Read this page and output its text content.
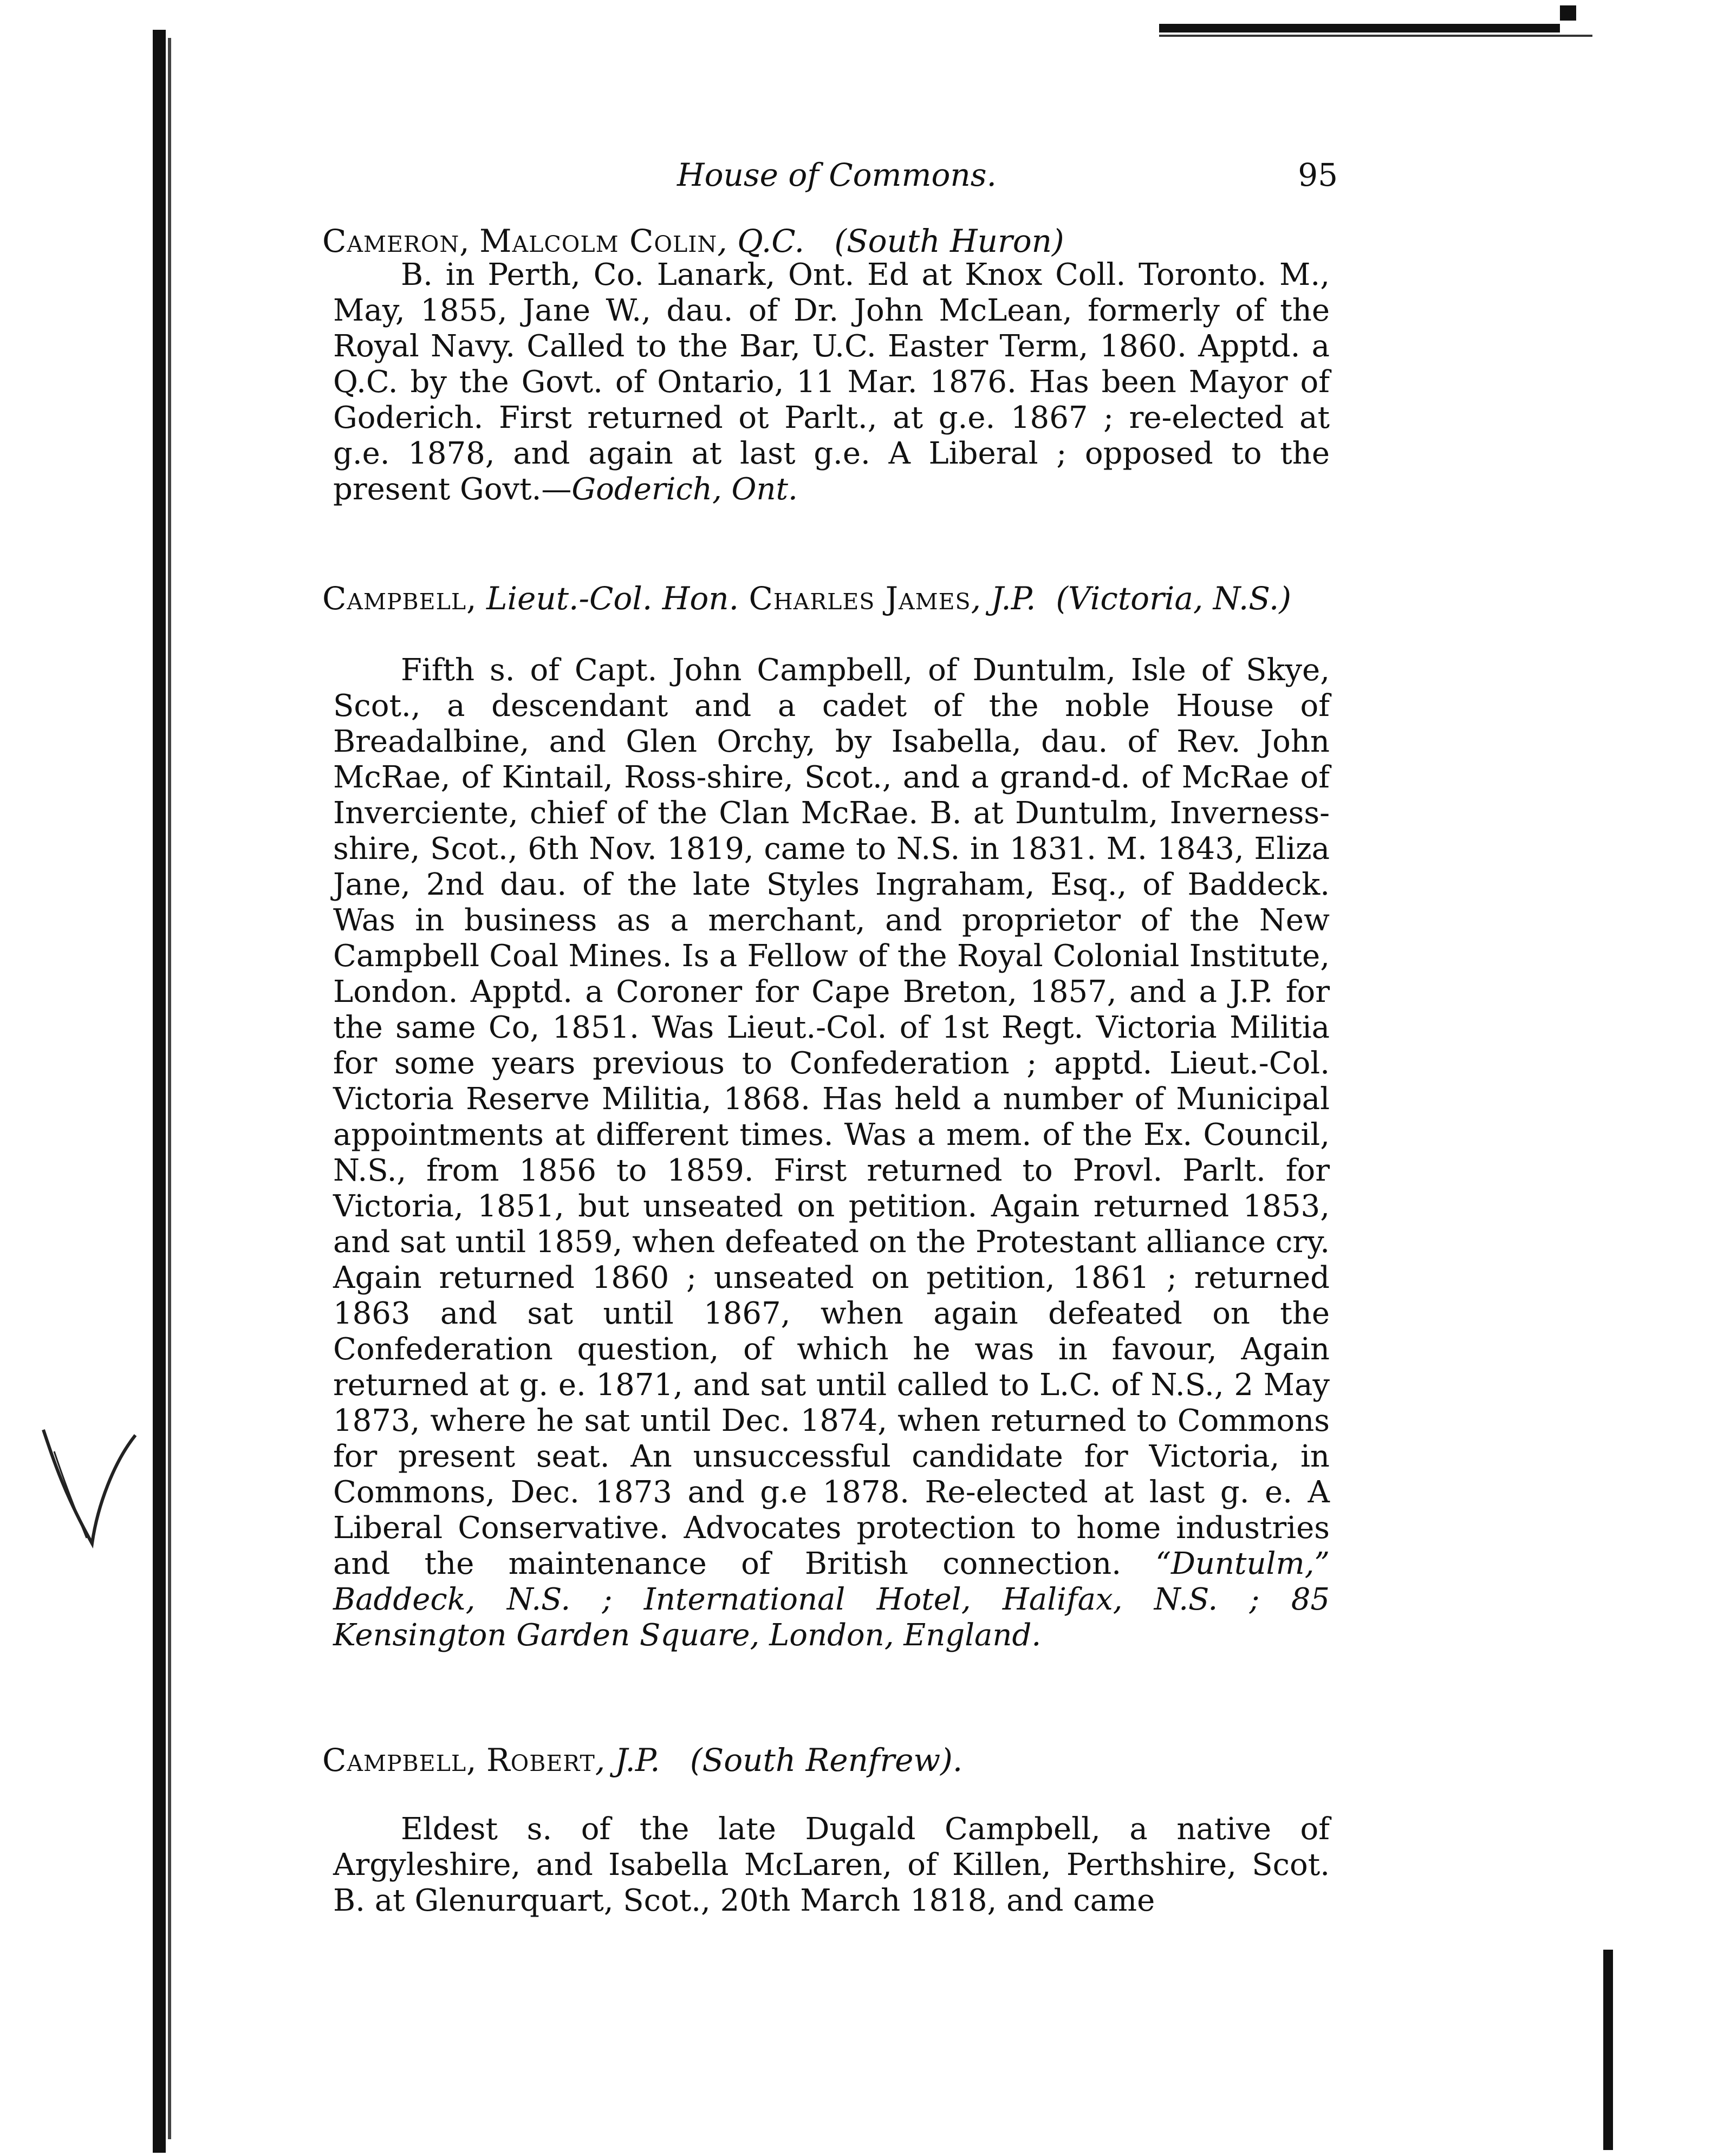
House of Commons.	95
Cameron, Malcolm Colin, Q.C. (South Huron)

B. in Perth, Co. Lanark, Ont. Ed at Knox Coll. Toronto. M., May, 1855, Jane W., dau. of Dr. John McLean, formerly of the Royal Navy. Called to the Bar, U.C. Easter Term, 1860. Apptd. a Q.C. by the Govt. of Ontario, 11 Mar. 1876. Has been Mayor of Goderich. First returned ot Parlt., at g.e. 1867 ; re-elected at g.e. 1878, and again at last g.e. A Liberal ; opposed to the present Govt.—Goderich, Ont.

Campbell, Lieut.-Col. Hon. Charles James, J.P. (Victoria, N.S.)

Fifth s. of Capt. John Campbell, of Duntulm, Isle of Skye, Scot., a descendant and a cadet of the noble House of Breadalbine, and Glen Orchy, by Isabella, dau. of Rev. John McRae, of Kintail, Ross-shire, Scot., and a grand-d. of McRae of Inverciente, chief of the Clan McRae. B. at Duntulm, Inverness-shire, Scot., 6th Nov. 1819, came to N.S. in 1831. M. 1843, Eliza Jane, 2nd dau. of the late Styles Ingraham, Esq., of Baddeck. Was in business as a merchant, and proprietor of the New Campbell Coal Mines. Is a Fellow of the Royal Colonial Institute, London. Apptd. a Coroner for Cape Breton, 1857, and a J.P. for the same Co, 1851. Was Lieut.-Col. of 1st Regt. Victoria Militia for some years previous to Confederation ; apptd. Lieut.-Col. Victoria Reserve Militia, 1868. Has held a number of Municipal appointments at different times. Was a mem. of the Ex. Council, N.S., from 1856 to 1859. First returned to Provl. Parlt. for Victoria, 1851, but unseated on petition. Again returned 1853, and sat until 1859, when defeated on the Protestant alliance cry. Again returned 1860 ; unseated on petition, 1861 ; returned 1863 and sat until 1867, when again defeated on the Confederation question, of which he was in favour, Again returned at g. e. 1871, and sat until called to L.C. of N.S., 2 May 1873, where he sat until Dec. 1874, when returned to Commons for present seat. An unsuccessful candidate for Victoria, in Commons, Dec. 1873 and g.e 1878. Re-elected at last g. e. A Liberal Conservative. Advocates protection to home industries and the maintenance of British connection. “Duntulm,” Baddeck, N.S. ; International Hotel, Halifax, N.S. ; 85 Kensington Garden Square, London, England.

Campbell, Robert, J.P. (South Renfrew).

Eldest s. of the late Dugald Campbell, a native of Argyleshire, and Isabella McLaren, of Killen, Perthshire, Scot. B. at Glenurquart, Scot., 20th March 1818, and came
